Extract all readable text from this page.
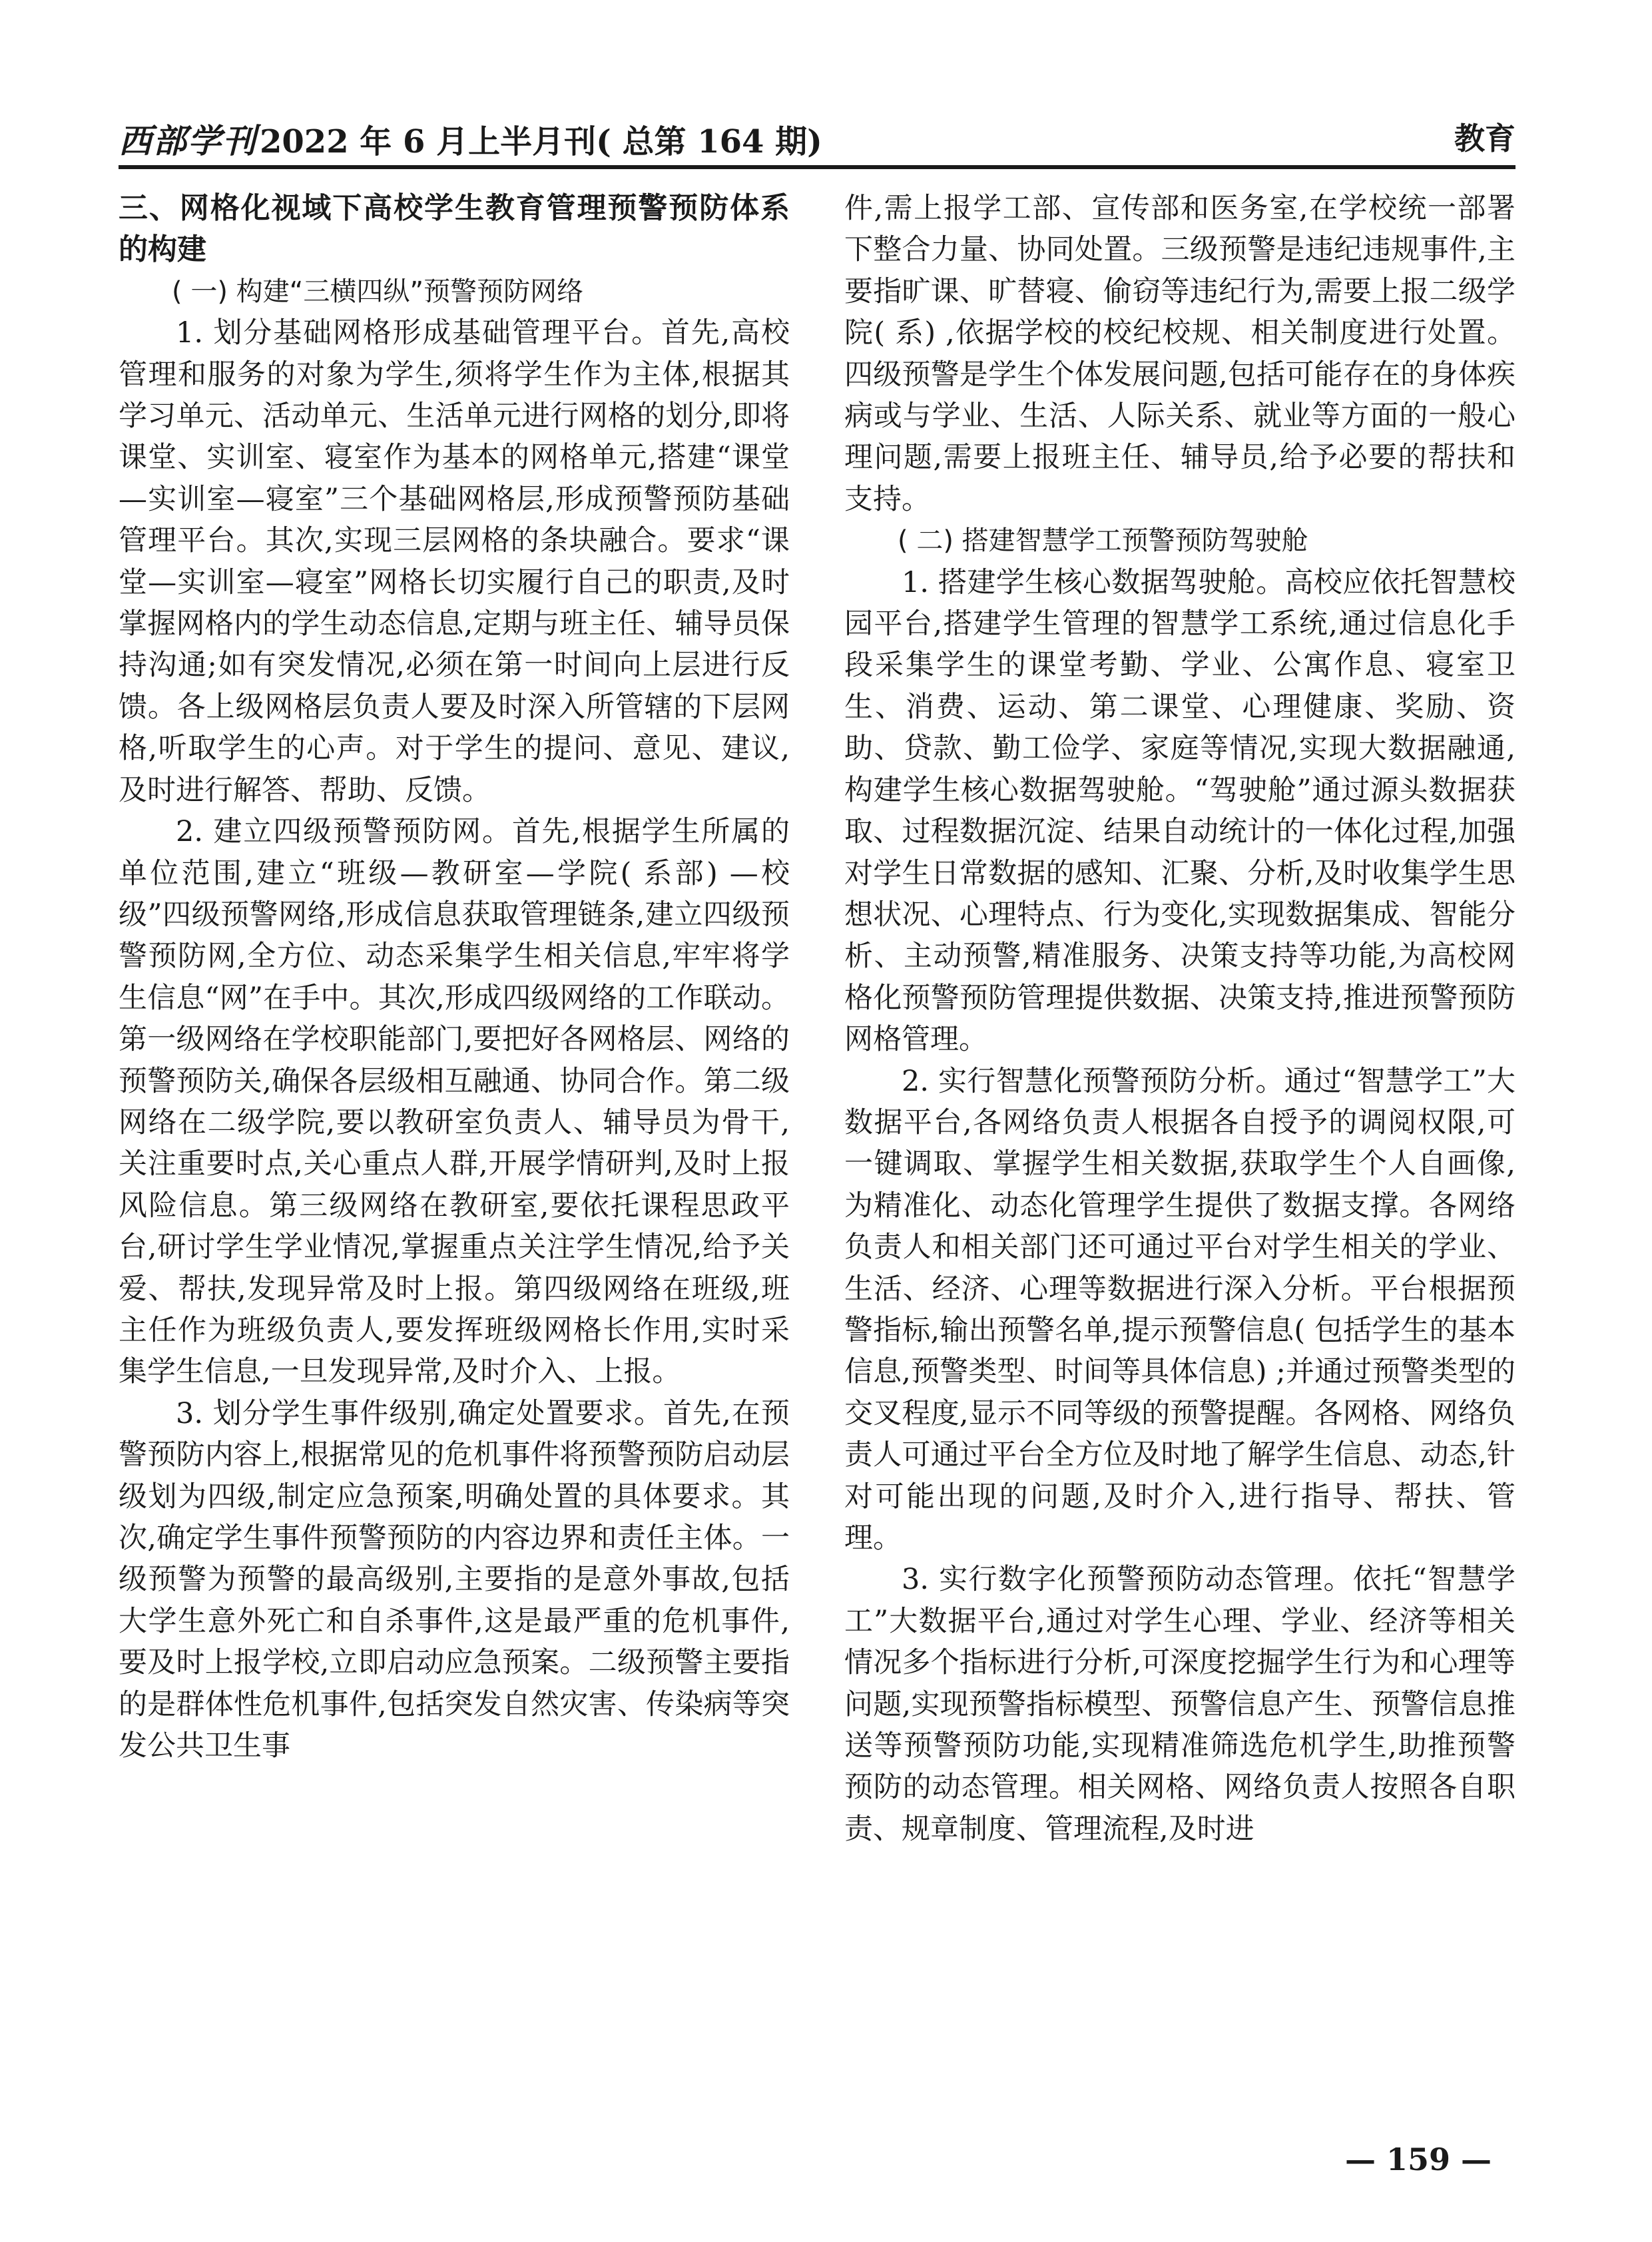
西部学刊2022 年 6 月上半月刊( 总第 164 期)	教育

三、网格化视域下高校学生教育管理预警预防体系的构建

( 一) 构建“三横四纵”预警预防网络

1. 划分基础网格形成基础管理平台。首先,高校管理和服务的对象为学生,须将学生作为主体,根据其学习单元、活动单元、生活单元进行网格的划分,即将课堂、实训室、寝室作为基本的网格单元,搭建“课堂—实训室—寝室”三个基础网格层,形成预警预防基础管理平台。其次,实现三层网格的条块融合。要求“课堂—实训室—寝室”网格长切实履行自己的职责,及时掌握网格内的学生动态信息,定期与班主任、辅导员保持沟通;如有突发情况,必须在第一时间向上层进行反馈。各上级网格层负责人要及时深入所管辖的下层网格,听取学生的心声。对于学生的提问、意见、建议,及时进行解答、帮助、反馈。

2. 建立四级预警预防网。首先,根据学生所属的单位范围,建立“班级—教研室—学院( 系部) —校级”四级预警网络,形成信息获取管理链条,建立四级预警预防网,全方位、动态采集学生相关信息,牢牢将学生信息“网”在手中。其次,形成四级网络的工作联动。第一级网络在学校职能部门,要把好各网格层、网络的预警预防关,确保各层级相互融通、协同合作。第二级网络在二级学院,要以教研室负责人、辅导员为骨干,关注重要时点,关心重点人群,开展学情研判,及时上报风险信息。第三级网络在教研室,要依托课程思政平台,研讨学生学业情况,掌握重点关注学生情况,给予关爱、帮扶,发现异常及时上报。第四级网络在班级,班主任作为班级负责人,要发挥班级网格长作用,实时采集学生信息,一旦发现异常,及时介入、上报。

3. 划分学生事件级别,确定处置要求。首先,在预警预防内容上,根据常见的危机事件将预警预防启动层级划为四级,制定应急预案,明确处置的具体要求。其次,确定学生事件预警预防的内容边界和责任主体。一级预警为预警的最高级别,主要指的是意外事故,包括大学生意外死亡和自杀事件,这是最严重的危机事件,要及时上报学校,立即启动应急预案。二级预警主要指的是群体性危机事件,包括突发自然灾害、传染病等突发公共卫生事

件,需上报学工部、宣传部和医务室,在学校统一部署下整合力量、协同处置。三级预警是违纪违规事件,主要指旷课、旷替寝、偷窃等违纪行为,需要上报二级学院( 系) ,依据学校的校纪校规、相关制度进行处置。四级预警是学生个体发展问题,包括可能存在的身体疾病或与学业、生活、人际关系、就业等方面的一般心理问题,需要上报班主任、辅导员,给予必要的帮扶和支持。

( 二) 搭建智慧学工预警预防驾驶舱

1. 搭建学生核心数据驾驶舱。高校应依托智慧校园平台,搭建学生管理的智慧学工系统,通过信息化手段采集学生的课堂考勤、学业、公寓作息、寝室卫生、消费、运动、第二课堂、心理健康、奖励、资助、贷款、勤工俭学、家庭等情况,实现大数据融通,构建学生核心数据驾驶舱。“驾驶舱”通过源头数据获取、过程数据沉淀、结果自动统计的一体化过程,加强对学生日常数据的感知、汇聚、分析,及时收集学生思想状况、心理特点、行为变化,实现数据集成、智能分析、主动预警,精准服务、决策支持等功能,为高校网格化预警预防管理提供数据、决策支持,推进预警预防网格管理。

2. 实行智慧化预警预防分析。通过“智慧学工”大数据平台,各网络负责人根据各自授予的调阅权限,可一键调取、掌握学生相关数据,获取学生个人自画像,为精准化、动态化管理学生提供了数据支撑。各网络负责人和相关部门还可通过平台对学生相关的学业、生活、经济、心理等数据进行深入分析。平台根据预警指标,输出预警名单,提示预警信息( 包括学生的基本信息,预警类型、时间等具体信息) ;并通过预警类型的交叉程度,显示不同等级的预警提醒。各网格、网络负责人可通过平台全方位及时地了解学生信息、动态,针对可能出现的问题,及时介入,进行指导、帮扶、管理。

3. 实行数字化预警预防动态管理。依托“智慧学工”大数据平台,通过对学生心理、学业、经济等相关情况多个指标进行分析,可深度挖掘学生行为和心理等问题,实现预警指标模型、预警信息产生、预警信息推送等预警预防功能,实现精准筛选危机学生,助推预警预防的动态管理。相关网格、网络负责人按照各自职责、规章制度、管理流程,及时进

— 159 —
